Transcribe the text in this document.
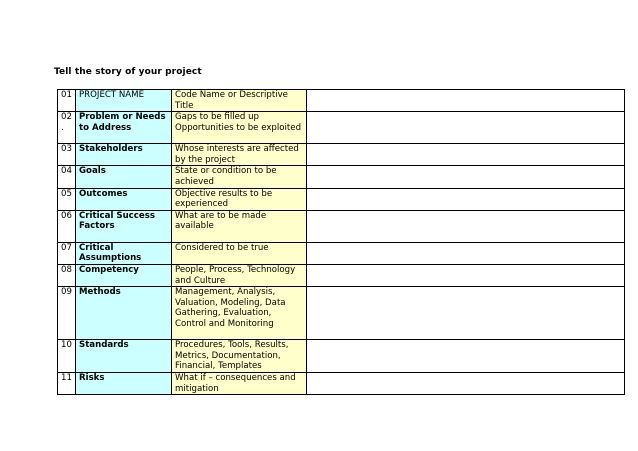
Tell the story of your project
01	PROJECT NAME	Code Name or Descriptive Title	
02 .	Problem or Needs to Address	Gaps to be filled up Opportunities to be exploited	
03	Stakeholders	Whose interests are affected by the project	
04	Goals	State or condition to be achieved	
05	Outcomes	Objective results to be experienced	
06	Critical Success Factors	What are to be made available	
07	Critical Assumptions	Considered to be true	
08	Competency	People, Process, Technology and Culture	
09	Methods	Management, Analysis, Valuation, Modeling, Data Gathering, Evaluation, Control and Monitoring	
10	Standards	Procedures, Tools, Results, Metrics, Documentation, Financial, Templates	
11	Risks	What if – consequences and mitigation	
